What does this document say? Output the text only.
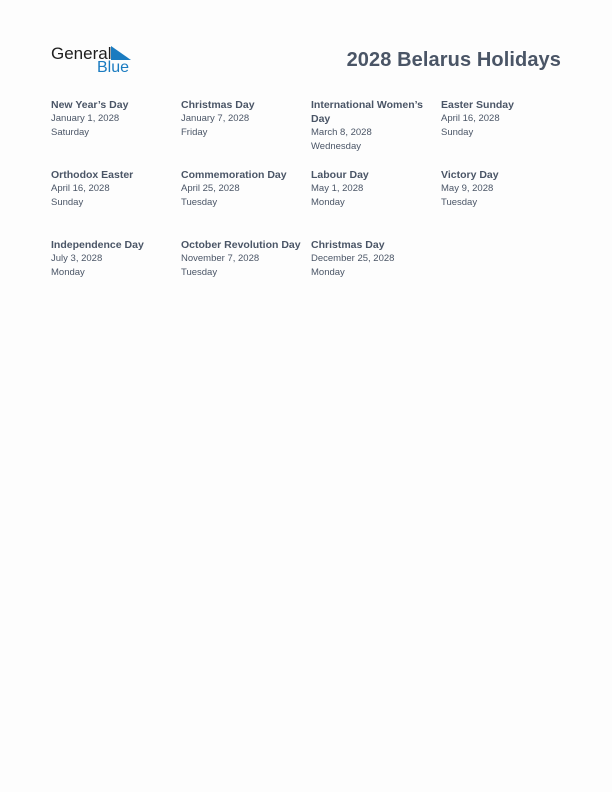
General
Blue	2028 Belarus Holidays
New Year’s Day
January 1, 2028
Saturday
Christmas Day
January 7, 2028
Friday
International Women’s Day
March 8, 2028
Wednesday
Easter Sunday
April 16, 2028
Sunday
Orthodox Easter
April 16, 2028
Sunday
Commemoration Day
April 25, 2028
Tuesday
Labour Day
May 1, 2028
Monday
Victory Day
May 9, 2028
Tuesday
Independence Day
July 3, 2028
Monday
October Revolution Day
November 7, 2028
Tuesday
Christmas Day
December 25, 2028
Monday
